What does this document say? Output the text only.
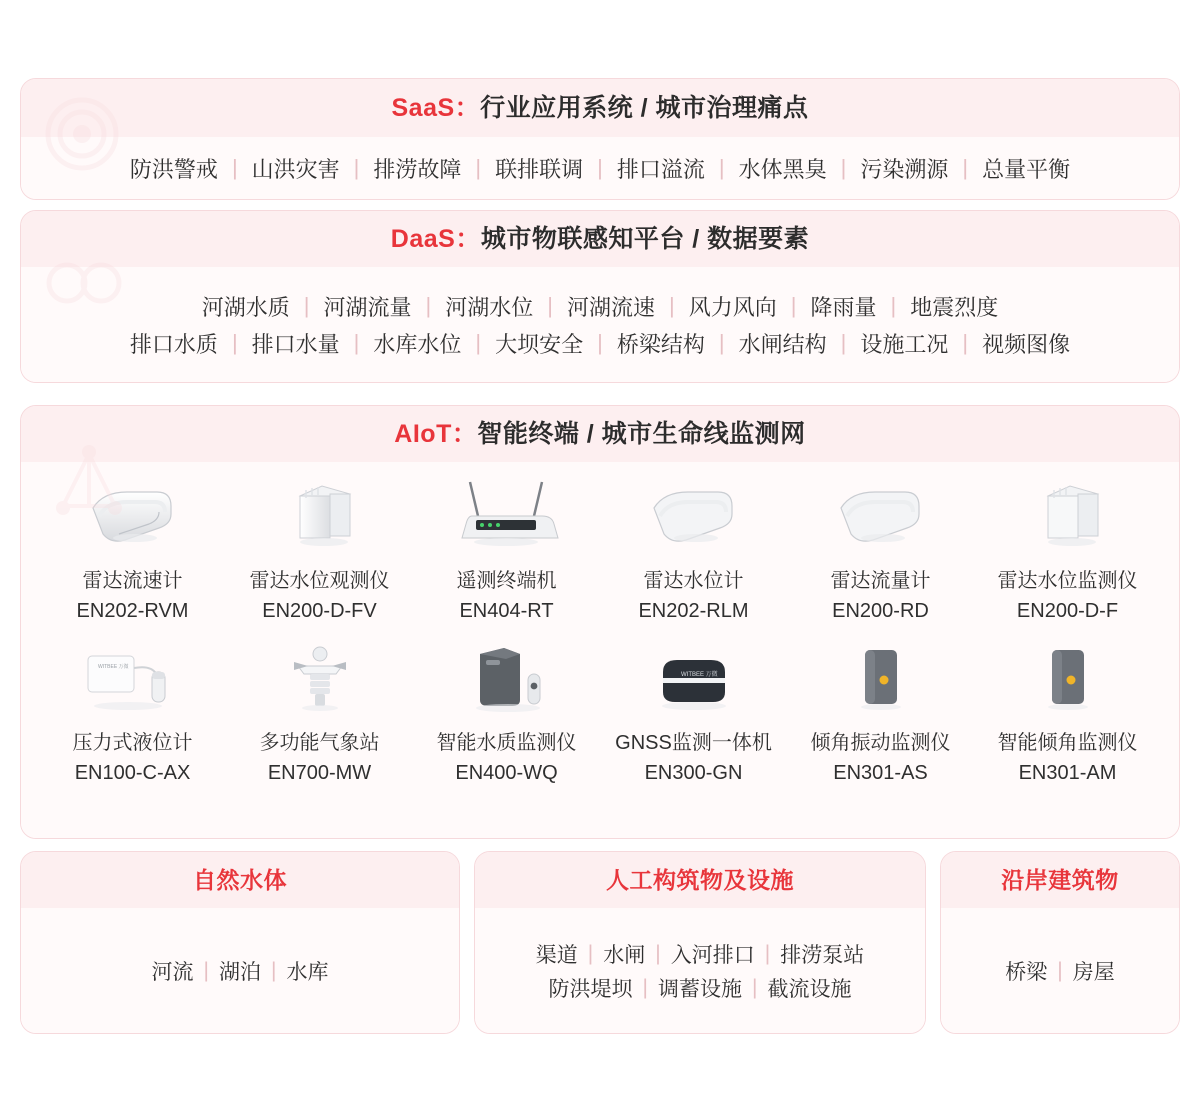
SaaS：行业应用系统 / 城市治理痛点
防洪警戒 | 山洪灾害 | 排涝故障 | 联排联调 | 排口溢流 | 水体黑臭 | 污染溯源 | 总量平衡
DaaS：城市物联感知平台 / 数据要素
河湖水质 | 河湖流量 | 河湖水位 | 河湖流速 | 风力风向 | 降雨量 | 地震烈度
排口水质 | 排口水量 | 水库水位 | 大坝安全 | 桥梁结构 | 水闸结构 | 设施工况 | 视频图像
AIoT：智能终端 / 城市生命线监测网
雷达流速计
EN202-RVM
雷达水位观测仪
EN200-D-FV
遥测终端机
EN404-RT
雷达水位计
EN202-RLM
雷达流量计
EN200-RD
雷达水位监测仪
EN200-D-F
WITBEE 万微
压力式液位计
EN100-C-AX
多功能气象站
EN700-MW
智能水质监测仪
EN400-WQ
WITBEE 万微
GNSS监测一体机
EN300-GN
倾角振动监测仪
EN301-AS
智能倾角监测仪
EN301-AM
自然水体
河流 | 湖泊 | 水库
人工构筑物及设施
渠道 | 水闸 | 入河排口 | 排涝泵站
防洪堤坝 | 调蓄设施 | 截流设施
沿岸建筑物
桥梁 | 房屋
